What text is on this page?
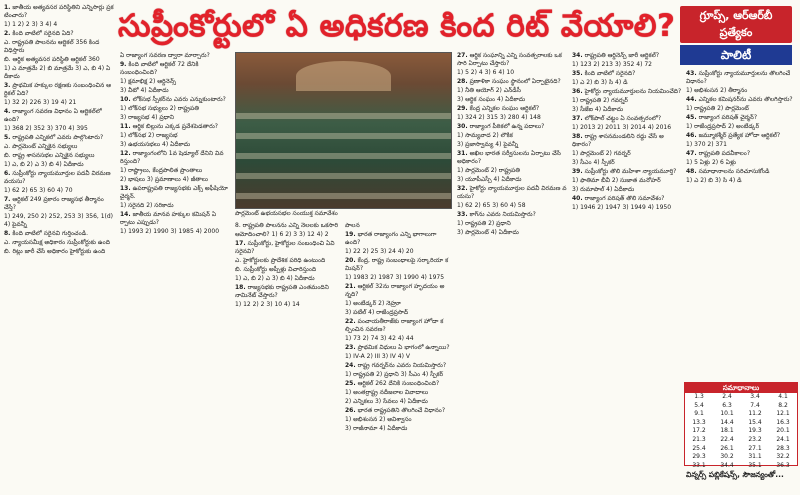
సుప్రీంకోర్టులో ఏ అధికరణ కింద రిట్ వేయాలి?	గ్రూప్స్, ఆర్‌ఆర్‌బీ
ప్రత్యేకం
పాలిటీ
1. జాతీయ అత్యవసర పరిస్థితిని ఎన్నిసార్లు ప్రకటించారు?
1) 1 2) 2 3) 3 4) 4
2. కింది వాటిలో సరైనది ఏది?
ఎ. రాష్ట్రపతి పాలనను ఆర్టికల్ 356 కింద విధిస్తారు
బి. ఆర్థిక అత్యవసర పరిస్థితి ఆర్టికల్ 360
1) ఎ మాత్రమే 2) బి మాత్రమే 3) ఎ, బి 4) ఏదీకాదు
3. ప్రాథమిక హక్కుల రక్షణకు సంబంధించిన ఆర్టికల్ ఏది?
1) 32 2) 226 3) 19 4) 21
4. రాజ్యాంగ సవరణ విధానం ఏ ఆర్టికల్‌లో ఉంది?
1) 368 2) 352 3) 370 4) 395
5. రాష్ట్రపతి ఎన్నికలో ఎవరు పాల్గొంటారు?
ఎ. పార్లమెంట్ ఎన్నికైన సభ్యులు
బి. రాష్ట్ర శాసనసభల ఎన్నికైన సభ్యులు
1) ఎ, బి 2) ఎ 3) బి 4) ఏదీకాదు
6. సుప్రీంకోర్టు న్యాయమూర్తుల పదవీ విరమణ వయసు?
1) 62 2) 65 3) 60 4) 70
7. ఆర్టికల్ 249 ప్రకారం రాజ్యసభ తీర్మానం చేస్తే?
1) 249, 250 2) 252, 253 3) 356, 1(d) 4) పైవన్నీ
8. కింది వాటిలో సరైనవి గుర్తించండి.
ఎ. న్యాయసమీక్ష అధికారం సుప్రీంకోర్టుకు ఉంది
బి. రిట్లు జారీ చేసే అధికారం హైకోర్టుకు ఉంది
ఏ రాజ్యాంగ సవరణ ద్వారా మార్చారు?
9. కింది వాటిలో ఆర్టికల్ 72 దేనికి సంబంధించింది?
1) క్షమాభిక్ష 2) ఆర్డినెన్స్
3) వీటో 4) ఏదీకాదు
10. లోక్‌సభ స్పీకర్‌ను ఎవరు ఎన్నుకుంటారు?
1) లోక్‌సభ సభ్యులు 2) రాష్ట్రపతి
3) రాజ్యసభ 4) ప్రధాని
11. ఆర్థిక బిల్లును ఎక్కడ ప్రవేశపెడతారు?
1) లోక్‌సభ 2) రాజ్యసభ
3) ఉభయసభలు 4) ఏదీకాదు
12. రాజ్యాంగంలోని 1వ షెడ్యూల్‌ దేనిని వివరిస్తుంది?
1) రాష్ట్రాలు, కేంద్రపాలిత ప్రాంతాలు
2) భాషలు 3) ప్రమాణాలు 4) జీతాలు
13. ఉపరాష్ట్రపతి రాజ్యసభకు ఎక్స్ అఫీషియో చైర్మన్.
1) సరైనది 2) సరికాదు
14. జాతీయ మానవ హక్కుల కమిషన్ ఏర్పాటు ఎప్పుడు?
1) 1993 2) 1990 3) 1985 4) 2000
పార్లమెంట్ ఉభయసభల సంయుక్త సమావేశం
8. రాష్ట్రపతి పాలనను ఎన్ని నెలలకు ఒకసారి
ఆమోదించాలి? 1) 6 2) 3 3) 12 4) 2
17. సుప్రీంకోర్టు, హైకోర్టుల సంబంధించి ఏవి సరైనవి?
ఎ. హైకోర్టులకు ప్రాదేశిక పరిధి ఉంటుంది
బి. సుప్రీంకోర్టు అప్పీళ్లు విచారిస్తుంది
1) ఎ, బి 2) ఎ 3) బి 4) ఏదీకాదు
18. రాజ్యసభకు రాష్ట్రపతి ఎంతమందిని నామినేట్ చేస్తారు?
1) 12 2) 2 3) 10 4) 14
పాలన
19. భారత రాజ్యాంగం ఎన్ని భాగాలుగా ఉంది?
1) 22 2) 25 3) 24 4) 20
20. కేంద్ర, రాష్ట్ర సంబంధాలపై సర్కారియా కమిషన్?
1) 1983 2) 1987 3) 1990 4) 1975
21. ఆర్టికల్ 32ను రాజ్యాంగ హృదయం అన్నది?
1) అంబేడ్కర్ 2) నెహ్రూ
3) పటేల్ 4) రాజేంద్రప్రసాద్
22. పంచాయతీరాజ్‌కు రాజ్యాంగ హోదా కల్పించిన సవరణ?
1) 73 2) 74 3) 42 4) 44
23. ప్రాథమిక విధులు ఏ భాగంలో ఉన్నాయి?
1) IV-A 2) III 3) IV 4) V
24. రాష్ట్ర గవర్నర్‌ను ఎవరు నియమిస్తారు?
1) రాష్ట్రపతి 2) ప్రధాని 3) సీఎం 4) స్పీకర్
25. ఆర్టికల్ 262 దేనికి సంబంధించింది?
1) అంతర్రాష్ట్ర నదీజలాల వివాదాలు
2) ఎన్నికలు 3) సేవలు 4) ఏదీకాదు
26. భారత రాష్ట్రపతిని తొలగించే విధానం?
1) అభిశంసన 2) అవిశ్వాసం
3) రాజీనామా 4) ఏదీకాదు
27. ఆర్థిక సంఘాన్ని ఎన్ని సంవత్సరాలకు ఒకసారి ఏర్పాటు చేస్తారు?
1) 5 2) 4 3) 6 4) 10
28. ప్రణాళికా సంఘం స్థానంలో ఏర్పాటైనది?
1) నీతి ఆయోగ్ 2) ఎన్‌డీసీ
3) ఆర్థిక సంఘం 4) ఏదీకాదు
29. కేంద్ర ఎన్నికల సంఘం ఆర్టికల్?
1) 324 2) 315 3) 280 4) 148
30. రాజ్యాంగ పీఠికలో ఉన్న పదాలు?
1) సామ్యవాద 2) లౌకిక
3) ప్రజాస్వామ్య 4) పైవన్నీ
31. అఖిల భారత సర్వీసులను ఏర్పాటు చేసే అధికారం?
1) పార్లమెంట్ 2) రాష్ట్రపతి
3) యూపీఎస్సీ 4) ఏదీకాదు
32. హైకోర్టు న్యాయమూర్తుల పదవీ విరమణ వయసు?
1) 62 2) 65 3) 60 4) 58
33. కాగ్‌ను ఎవరు నియమిస్తారు?
1) రాష్ట్రపతి 2) ప్రధాని
3) పార్లమెంట్ 4) ఏదీకాదు
34. రాష్ట్రపతి ఆర్డినెన్స్‌ జారీ ఆర్టికల్?
1) 123 2) 213 3) 352 4) 72
35. కింది వాటిలో సరైనది?
1) ఎ 2) బి 3) సి 4) డి
36. హైకోర్టు న్యాయమూర్తులను నియమించేది?
1) రాష్ట్రపతి 2) గవర్నర్
3) సీజేఐ 4) ఏదీకాదు
37. లోక్‌పాల్ చట్టం ఏ సంవత్సరంలో?
1) 2013 2) 2011 3) 2014 4) 2016
38. రాష్ట్ర శాసనమండలిని రద్దు చేసే అధికారం?
1) పార్లమెంట్ 2) గవర్నర్
3) సీఎం 4) స్పీకర్
39. సుప్రీంకోర్టు తొలి మహిళా న్యాయమూర్తి?
1) ఫాతిమా బీవీ 2) సుజాత మనోహర్
3) రుమాపాల్ 4) ఏదీకాదు
40. రాజ్యాంగ పరిషత్ తొలి సమావేశం?
1) 1946 2) 1947 3) 1949 4) 1950
43. సుప్రీంకోర్టు న్యాయమూర్తులను తొలగించే విధానం?
1) అభిశంసన 2) తీర్మానం
44. ఎన్నికల కమిషనర్‌ను ఎవరు తొలగిస్తారు?
1) రాష్ట్రపతి 2) పార్లమెంట్
45. రాజ్యాంగ పరిషత్ చైర్మన్?
1) రాజేంద్రప్రసాద్ 2) అంబేడ్కర్
46. జమ్మూకశ్మీర్ ప్రత్యేక హోదా ఆర్టికల్?
1) 370 2) 371
47. రాష్ట్రపతి పదవీకాలం?
1) 5 ఏళ్లు 2) 6 ఏళ్లు
48. సమాధానాలను సరిచూసుకోండి
1) ఎ 2) బి 3) సి 4) డి
సమాధానాలు
1.3	2.4	3.4	4.1
5.4	6.3	7.4	8.2
9.1	10.1	11.2	12.1
13.3	14.4	15.4	16.3
17.2	18.1	19.3	20.1
21.3	22.4	23.2	24.1
25.4	26.1	27.1	28.3
29.3	30.2	31.1	32.2
33.1	34.4	35.1	36.3
విన్నర్స్ పబ్లికేషన్స్, సౌజన్యంతో...
